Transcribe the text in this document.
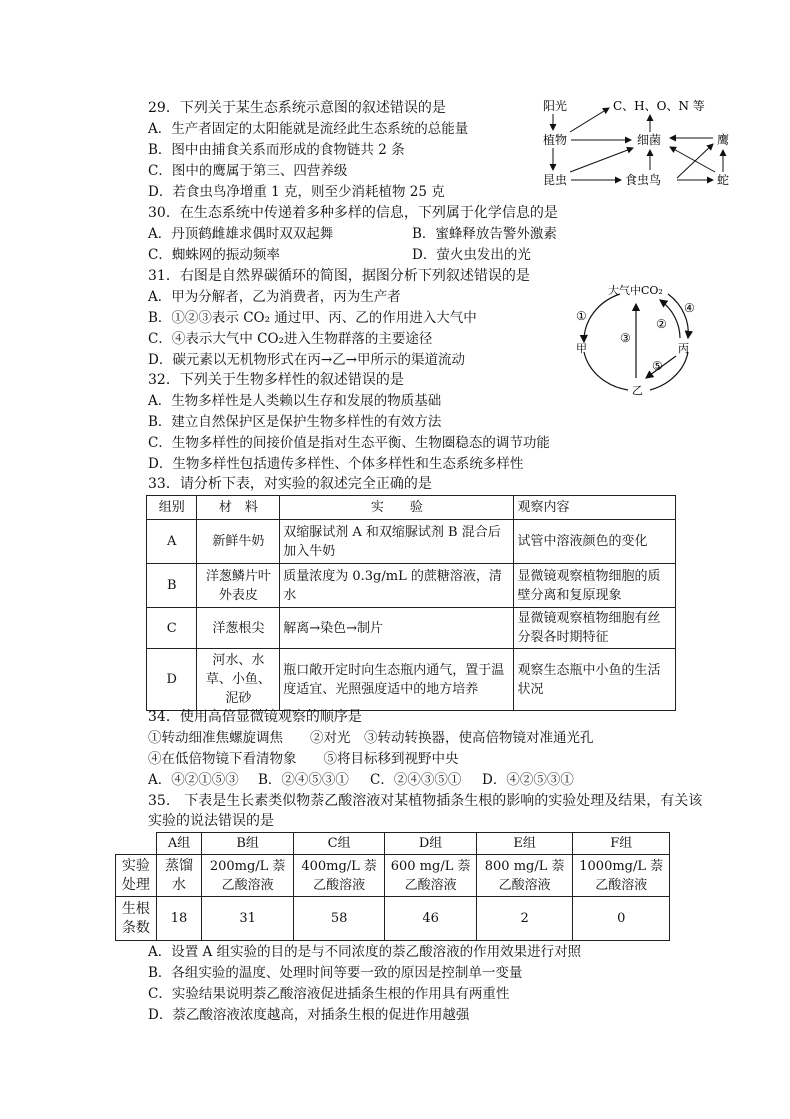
29．下列关于某生态系统示意图的叙述错误的是
A．生产者固定的太阳能就是流经此生态系统的总能量
B．图中由捕食关系而形成的食物链共 2 条
C．图中的鹰属于第三、四营养级
D．若食虫鸟净增重 1 克，则至少消耗植物 25 克
阳光	C、H、O、N 等
植物	细菌	鹰
昆虫	食虫鸟	蛇
30．在生态系统中传递着多种多样的信息，下列属于化学信息的是
A．丹顶鹤雌雄求偶时双双起舞	B．蜜蜂释放告警外激素
C．蜘蛛网的振动频率	D．萤火虫发出的光
31．右图是自然界碳循环的简图，据图分析下列叙述错误的是
A．甲为分解者，乙为消费者，丙为生产者
B．①②③表示 CO₂ 通过甲、丙、乙的作用进入大气中
C．④表示大气中 CO₂进入生物群落的主要途径
D．碳元素以无机物形式在丙→乙→甲所示的渠道流动
大气中CO₂
甲
乙
丙
①
②
③
④
⑤
32．下列关于生物多样性的叙述错误的是
A．生物多样性是人类赖以生存和发展的物质基础
B．建立自然保护区是保护生物多样性的有效方法
C．生物多样性的间接价值是指对生态平衡、生物圈稳态的调节功能
D．生物多样性包括遗传多样性、个体多样性和生态系统多样性
33．请分析下表，对实验的叙述完全正确的是
组别	材　料	实　　验	观察内容
A	新鲜牛奶	双缩脲试剂 A 和双缩脲试剂 B 混合后加入牛奶	试管中溶液颜色的变化
B	洋葱鳞片叶外表皮	质量浓度为 0.3g/mL 的蔗糖溶液，清水	显微镜观察植物细胞的质壁分离和复原现象
C	洋葱根尖	解离→染色→制片	显微镜观察植物细胞有丝分裂各时期特征
D	河水、水草、小鱼、泥砂	瓶口敞开定时向生态瓶内通气，置于温度适宜、光照强度适中的地方培养	观察生态瓶中小鱼的生活状况
34．使用高倍显微镜观察的顺序是
①转动细准焦螺旋调焦　　②对光　③转动转换器，使高倍物镜对准通光孔
④在低倍物镜下看清物象　　⑤将目标移到视野中央
A．④②①⑤③ B．②④⑤③① C．②④③⑤① D．④②⑤③①
35.　下表是生长素类似物萘乙酸溶液对某植物插条生根的影响的实验处理及结果，有关该
实验的说法错误的是
	A组	B组	C组	D组	E组	F组
实验处理	蒸馏水	200mg/L 萘乙酸溶液	400mg/L 萘乙酸溶液	600 mg/L 萘乙酸溶液	800 mg/L 萘乙酸溶液	1000mg/L 萘乙酸溶液
生根条数	18	31	58	46	2	0
A．设置 A 组实验的目的是与不同浓度的萘乙酸溶液的作用效果进行对照
B．各组实验的温度、处理时间等要一致的原因是控制单一变量
C．实验结果说明萘乙酸溶液促进插条生根的作用具有两重性
D．萘乙酸溶液浓度越高，对插条生根的促进作用越强
